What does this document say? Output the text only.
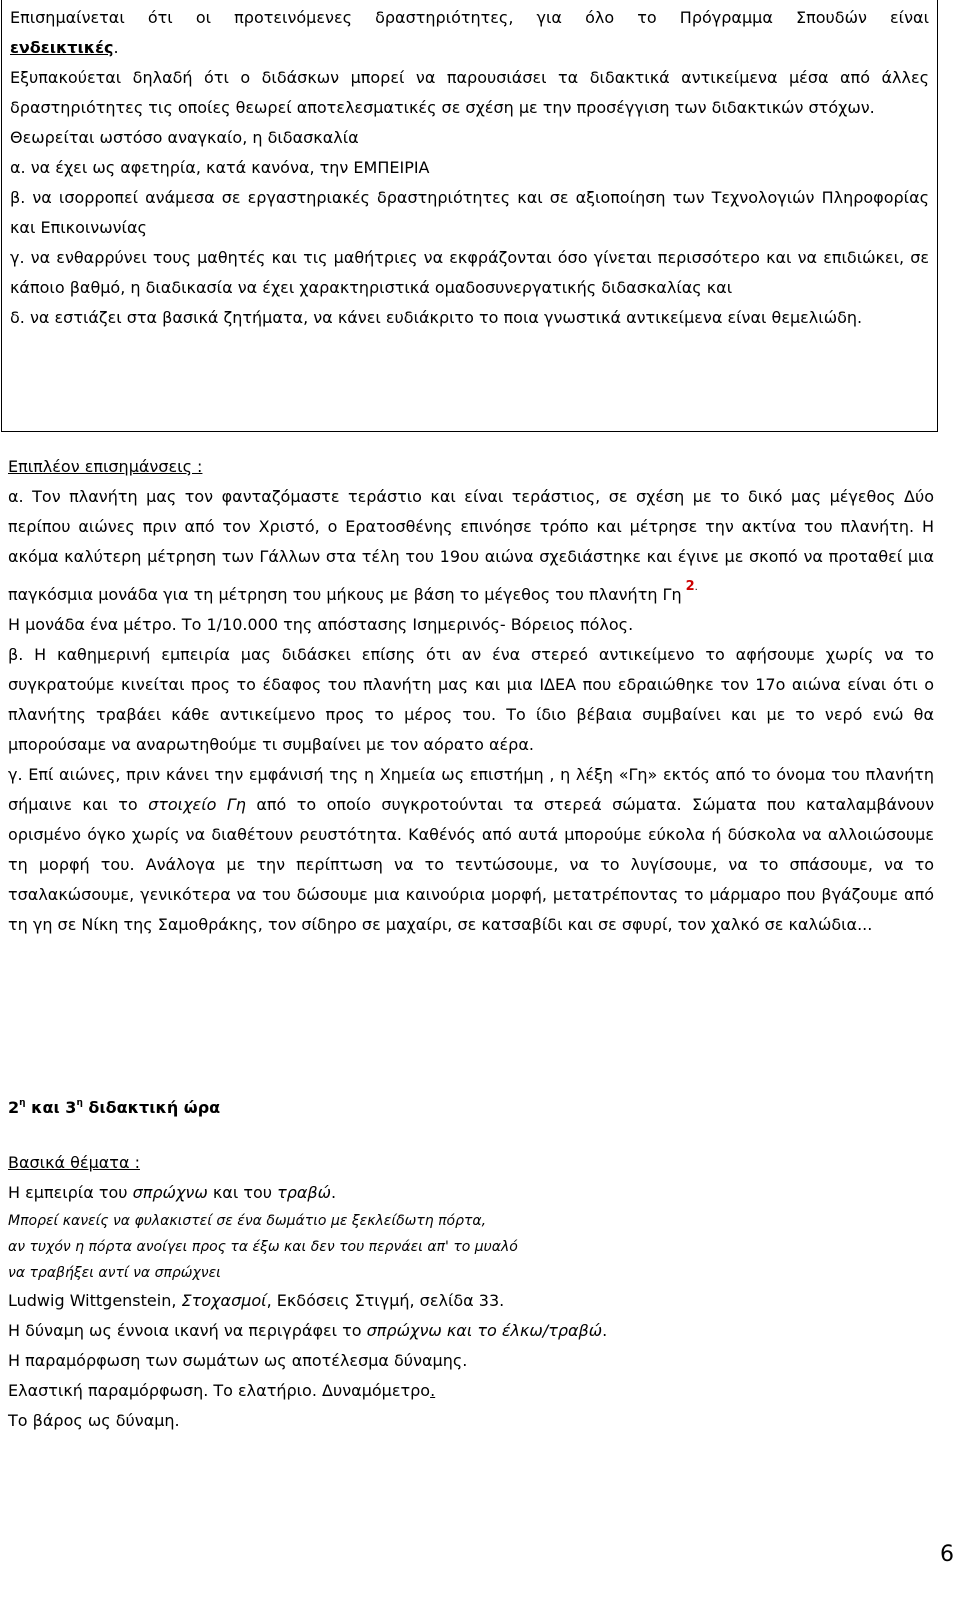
Επισημαίνεται ότι οι προτεινόμενες δραστηριότητες, για όλο το Πρόγραμμα Σπουδών είναι

ενδεικτικές.

Εξυπακούεται δηλαδή ότι ο διδάσκων μπορεί να παρουσιάσει τα διδακτικά αντικείμενα μέσα από άλλες δραστηριότητες τις οποίες θεωρεί αποτελεσματικές σε σχέση με την προσέγγιση των διδακτικών στόχων.

Θεωρείται ωστόσο αναγκαίο, η διδασκαλία

α. να έχει ως αφετηρία, κατά κανόνα, την ΕΜΠΕΙΡΙΑ

β. να ισορροπεί ανάμεσα σε εργαστηριακές δραστηριότητες και σε αξιοποίηση των Τεχνολογιών Πληροφορίας και Επικοινωνίας

γ. να ενθαρρύνει τους μαθητές και τις μαθήτριες να εκφράζονται όσο γίνεται περισσότερο και να επιδιώκει, σε κάποιο βαθμό, η διαδικασία να έχει χαρακτηριστικά ομαδοσυνεργατικής διδασκαλίας και

δ. να εστιάζει στα βασικά ζητήματα, να κάνει ευδιάκριτο το ποια γνωστικά αντικείμενα είναι θεμελιώδη.

Επιπλέον επισημάνσεις :

α. Τον πλανήτη μας τον φανταζόμαστε τεράστιο και είναι τεράστιος, σε σχέση με το δικό μας μέγεθος Δύο περίπου αιώνες πριν από τον Χριστό, ο Ερατοσθένης επινόησε τρόπο και μέτρησε την ακτίνα του πλανήτη. Η ακόμα καλύτερη μέτρηση των Γάλλων στα τέλη του 19ου αιώνα σχεδιάστηκε και έγινε με σκοπό να προταθεί μια παγκόσμια μονάδα για τη μέτρηση του μήκους με βάση το μέγεθος του πλανήτη Γη $^{2.}$

Η μονάδα ένα μέτρο. Το 1/10.000 της απόστασης Ισημερινός- Βόρειος πόλος.

β. Η καθημερινή εμπειρία μας διδάσκει επίσης ότι αν ένα στερεό αντικείμενο το αφήσουμε χωρίς να το συγκρατούμε κινείται προς το έδαφος του πλανήτη μας και μια ΙΔΕΑ που εδραιώθηκε τον 17ο αιώνα είναι ότι ο πλανήτης τραβάει κάθε αντικείμενο προς το μέρος του. Το ίδιο βέβαια συμβαίνει και με το νερό ενώ θα μπορούσαμε να αναρωτηθούμε τι συμβαίνει με τον αόρατο αέρα.

γ. Επί αιώνες, πριν κάνει την εμφάνισή της η Χημεία ως επιστήμη , η λέξη «Γη» εκτός από το όνομα του πλανήτη σήμαινε και το στοιχείο Γη από το οποίο συγκροτούνται τα στερεά σώματα. Σώματα που καταλαμβάνουν ορισμένο όγκο χωρίς να διαθέτουν ρευστότητα. Καθένός από αυτά μπορούμε εύκολα ή δύσκολα να αλλοιώσουμε τη μορφή του. Ανάλογα με την περίπτωση να το τεντώσουμε, να το λυγίσουμε, να το σπάσουμε, να το τσαλακώσουμε, γενικότερα να του δώσουμε μια καινούρια μορφή, μετατρέποντας το μάρμαρο που βγάζουμε από τη γη σε Νίκη της Σαμοθράκης, τον σίδηρο σε μαχαίρι, σε κατσαβίδι και σε σφυρί, τον χαλκό σε καλώδια...

$2^\eta$ και $3^\eta$ διδακτική ώρα

Βασικά θέματα :

Η εμπειρία του σπρώχνω και του τραβώ.

Μπορεί κανείς να φυλακιστεί σε ένα δωμάτιο με ξεκλείδωτη πόρτα,

αν τυχόν η πόρτα ανοίγει προς τα έξω και δεν του περνάει απ' το μυαλό

να τραβήξει αντί να σπρώχνει

Ludwig Wittgenstein, Στοχασμοί, Εκδόσεις Στιγμή, σελίδα 33.

Η δύναμη ως έννοια ικανή να περιγράφει το σπρώχνω και το έλκω/τραβώ.

Η παραμόρφωση των σωμάτων ως αποτέλεσμα δύναμης.

Ελαστική παραμόρφωση. Το ελατήριο. Δυναμόμετρο.

Το βάρος ως δύναμη.

6
